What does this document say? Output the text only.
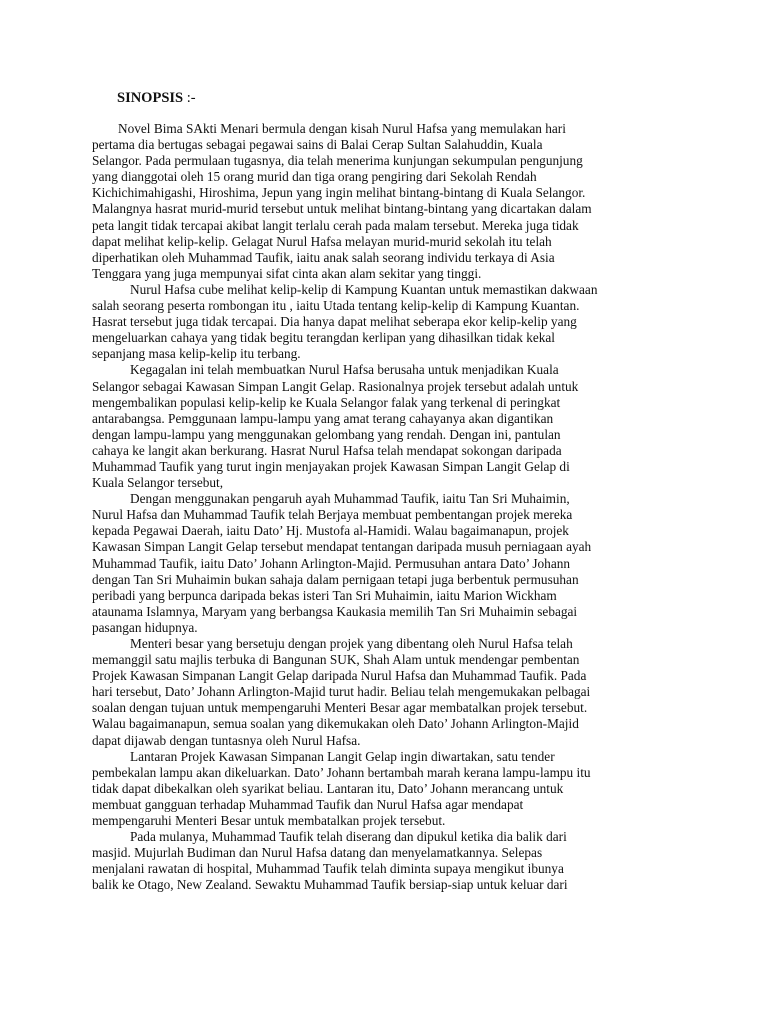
SINOPSIS :-
Novel Bima SAkti Menari bermula dengan kisah Nurul Hafsa yang memulakan hari
pertama dia bertugas sebagai pegawai sains di Balai Cerap Sultan Salahuddin, Kuala
Selangor. Pada permulaan tugasnya, dia telah menerima kunjungan sekumpulan pengunjung
yang dianggotai oleh 15 orang murid dan tiga orang pengiring dari Sekolah Rendah
Kichichimahigashi, Hiroshima, Jepun yang ingin melihat bintang-bintang di Kuala Selangor.
Malangnya hasrat murid-murid tersebut untuk melihat bintang-bintang yang dicartakan dalam
peta langit tidak tercapai akibat langit terlalu cerah pada malam tersebut. Mereka juga tidak
dapat melihat kelip-kelip. Gelagat Nurul Hafsa melayan murid-murid sekolah itu telah
diperhatikan oleh Muhammad Taufik, iaitu anak salah seorang individu terkaya di Asia
Tenggara yang juga mempunyai sifat cinta akan alam sekitar yang tinggi.
Nurul Hafsa cube melihat kelip-kelip di Kampung Kuantan untuk memastikan dakwaan
salah seorang peserta rombongan itu , iaitu Utada tentang kelip-kelip di Kampung Kuantan.
Hasrat tersebut juga tidak tercapai. Dia hanya dapat melihat seberapa ekor kelip-kelip yang
mengeluarkan cahaya yang tidak begitu terangdan kerlipan yang dihasilkan tidak kekal
sepanjang masa kelip-kelip itu terbang.
Kegagalan ini telah membuatkan Nurul Hafsa berusaha untuk menjadikan Kuala
Selangor sebagai Kawasan Simpan Langit Gelap. Rasionalnya projek tersebut adalah untuk
mengembalikan populasi kelip-kelip ke Kuala Selangor falak yang terkenal di peringkat
antarabangsa. Pemggunaan lampu-lampu yang amat terang cahayanya akan digantikan
dengan lampu-lampu yang menggunakan gelombang yang rendah. Dengan ini, pantulan
cahaya ke langit akan berkurang. Hasrat Nurul Hafsa telah mendapat sokongan daripada
Muhammad Taufik yang turut ingin menjayakan projek Kawasan Simpan Langit Gelap di
Kuala Selangor tersebut,
Dengan menggunakan pengaruh ayah Muhammad Taufik, iaitu Tan Sri Muhaimin,
Nurul Hafsa dan Muhammad Taufik telah Berjaya membuat pembentangan projek mereka
kepada Pegawai Daerah, iaitu Dato’ Hj. Mustofa al-Hamidi. Walau bagaimanapun, projek
Kawasan Simpan Langit Gelap tersebut mendapat tentangan daripada musuh perniagaan ayah
Muhammad Taufik, iaitu Dato’ Johann Arlington-Majid. Permusuhan antara Dato’ Johann
dengan Tan Sri Muhaimin bukan sahaja dalam pernigaan tetapi juga berbentuk permusuhan
peribadi yang berpunca daripada bekas isteri Tan Sri Muhaimin, iaitu Marion Wickham
ataunama Islamnya, Maryam yang berbangsa Kaukasia memilih Tan Sri Muhaimin sebagai
pasangan hidupnya.
Menteri besar yang bersetuju dengan projek yang dibentang oleh Nurul Hafsa telah
memanggil satu majlis terbuka di Bangunan SUK, Shah Alam untuk mendengar pembentan
Projek Kawasan Simpanan Langit Gelap daripada Nurul Hafsa dan Muhammad Taufik. Pada
hari tersebut, Dato’ Johann Arlington-Majid turut hadir. Beliau telah mengemukakan pelbagai
soalan dengan tujuan untuk mempengaruhi Menteri Besar agar membatalkan projek tersebut.
Walau bagaimanapun, semua soalan yang dikemukakan oleh Dato’ Johann Arlington-Majid
dapat dijawab dengan tuntasnya oleh Nurul Hafsa.
Lantaran Projek Kawasan Simpanan Langit Gelap ingin diwartakan, satu tender
pembekalan lampu akan dikeluarkan. Dato’ Johann bertambah marah kerana lampu-lampu itu
tidak dapat dibekalkan oleh syarikat beliau. Lantaran itu, Dato’ Johann merancang untuk
membuat gangguan terhadap Muhammad Taufik dan Nurul Hafsa agar mendapat
mempengaruhi Menteri Besar untuk membatalkan projek tersebut.
Pada mulanya, Muhammad Taufik telah diserang dan dipukul ketika dia balik dari
masjid. Mujurlah Budiman dan Nurul Hafsa datang dan menyelamatkannya. Selepas
menjalani rawatan di hospital, Muhammad Taufik telah diminta supaya mengikut ibunya
balik ke Otago, New Zealand. Sewaktu Muhammad Taufik bersiap-siap untuk keluar dari
